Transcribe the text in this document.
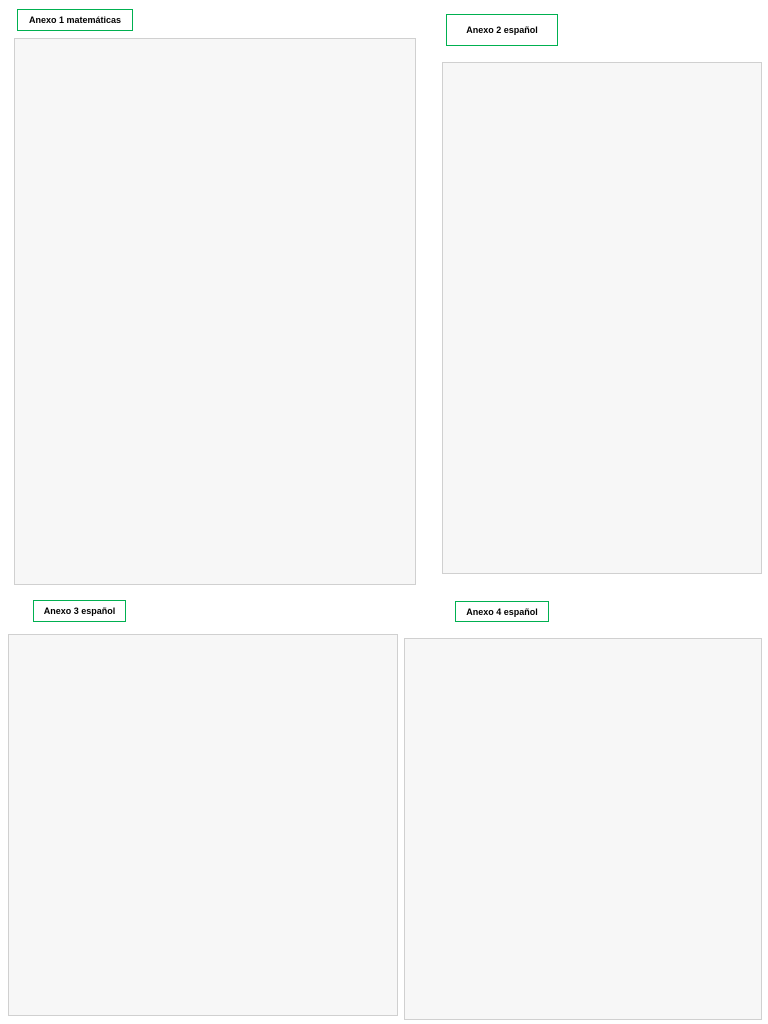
Anexo 1 matemáticas
Anexo 2 español
Anexo 3 español	Anexo 4 español
